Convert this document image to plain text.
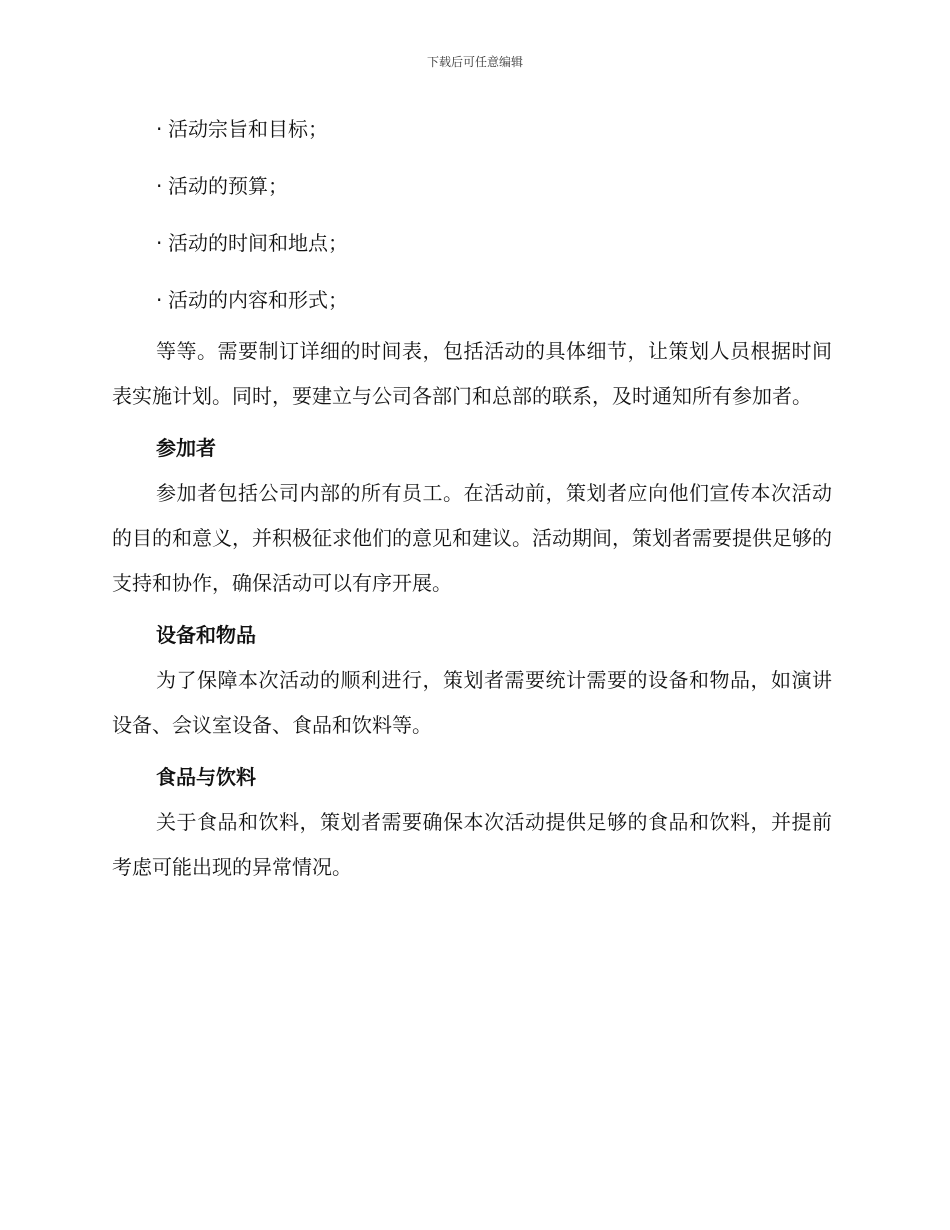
下载后可任意编辑
· 活动宗旨和目标；
· 活动的预算；
· 活动的时间和地点；
· 活动的内容和形式；

等等。需要制订详细的时间表，包括活动的具体细节，让策划人员根据时间表实施计划。同时，要建立与公司各部门和总部的联系，及时通知所有参加者。

参加者

参加者包括公司内部的所有员工。在活动前，策划者应向他们宣传本次活动的目的和意义，并积极征求他们的意见和建议。活动期间，策划者需要提供足够的支持和协作，确保活动可以有序开展。

设备和物品

为了保障本次活动的顺利进行，策划者需要统计需要的设备和物品，如演讲设备、会议室设备、食品和饮料等。

食品与饮料

关于食品和饮料，策划者需要确保本次活动提供足够的食品和饮料，并提前考虑可能出现的异常情况。
